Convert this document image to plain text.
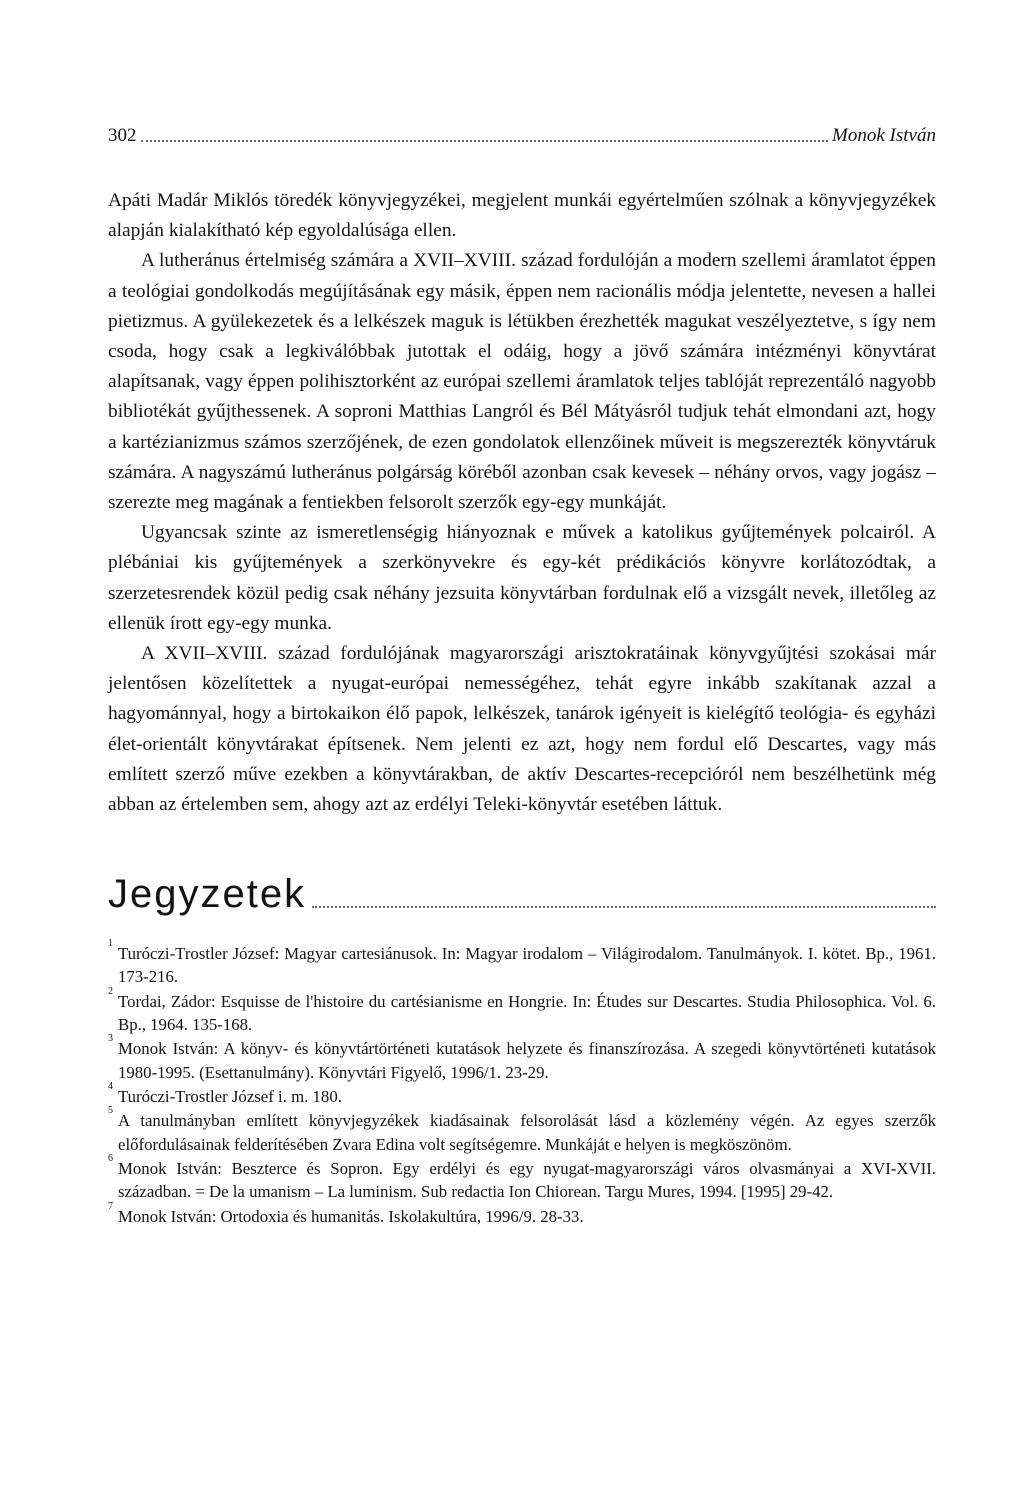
302	Monok István

Apáti Madár Miklós töredék könyvjegyzékei, megjelent munkái egyértelműen szólnak a könyvjegyzékek alapján kialakítható kép egyoldalúsága ellen.

A lutheránus értelmiség számára a XVII–XVIII. század fordulóján a modern szellemi áramlatot éppen a teológiai gondolkodás megújításának egy másik, éppen nem racionális módja jelentette, nevesen a hallei pietizmus. A gyülekezetek és a lelkészek maguk is létükben érezhették magukat veszélyeztetve, s így nem csoda, hogy csak a legkiválóbbak jutottak el odáig, hogy a jövő számára intézményi könyvtárat alapítsanak, vagy éppen polihisztorként az európai szellemi áramlatok teljes tablóját reprezentáló nagyobb bibliotékát gyűjthessenek. A soproni Matthias Langról és Bél Mátyásról tudjuk tehát elmondani azt, hogy a kartézianizmus számos szerzőjének, de ezen gondolatok ellenzőinek műveit is megszerezték könyvtáruk számára. A nagyszámú lutheránus polgárság köréből azonban csak kevesek – néhány orvos, vagy jogász – szerezte meg magának a fentiekben felsorolt szerzők egy-egy munkáját.

Ugyancsak szinte az ismeretlenségig hiányoznak e művek a katolikus gyűjtemények polcairól. A plébániai kis gyűjtemények a szerkönyvekre és egy-két prédikációs könyvre korlátozódtak, a szerzetesrendek közül pedig csak néhány jezsuita könyvtárban fordulnak elő a vizsgált nevek, illetőleg az ellenük írott egy-egy munka.

A XVII–XVIII. század fordulójának magyarországi arisztokratáinak könyvgyűjtési szokásai már jelentősen közelítettek a nyugat-európai nemességéhez, tehát egyre inkább szakítanak azzal a hagyománnyal, hogy a birtokaikon élő papok, lelkészek, tanárok igényeit is kielégítő teológia- és egyházi élet-orientált könyvtárakat építsenek. Nem jelenti ez azt, hogy nem fordul elő Descartes, vagy más említett szerző műve ezekben a könyvtárakban, de aktív Descartes-recepcióról nem beszélhetünk még abban az értelemben sem, ahogy azt az erdélyi Teleki-könyvtár esetében láttuk.

Jegyzetek
1
Turóczi-Trostler József: Magyar cartesiánusok. In: Magyar irodalom – Világirodalom. Tanulmányok. I. kötet. Bp., 1961. 173-216.
2
Tordai, Zádor: Esquisse de l'histoire du cartésianisme en Hongrie. In: Études sur Descartes. Studia Philosophica. Vol. 6. Bp., 1964. 135-168.
3
Monok István: A könyv- és könyvtártörténeti kutatások helyzete és finanszírozása. A szegedi könyvtörténeti kutatások 1980-1995. (Esettanulmány). Könyvtári Figyelő, 1996/1. 23-29.
4
Turóczi-Trostler József i. m. 180.
5
A tanulmányban említett könyvjegyzékek kiadásainak felsorolását lásd a közlemény végén. Az egyes szerzők előfordulásainak felderítésében Zvara Edina volt segítségemre. Munkáját e helyen is megköszönöm.
6
Monok István: Beszterce és Sopron. Egy erdélyi és egy nyugat-magyarországi város olvasmányai a XVI-XVII. században. = De la umanism – La luminism. Sub redactia Ion Chiorean. Targu Mures, 1994. [1995] 29-42.
7
Monok István: Ortodoxia és humanitás. Iskolakultúra, 1996/9. 28-33.
